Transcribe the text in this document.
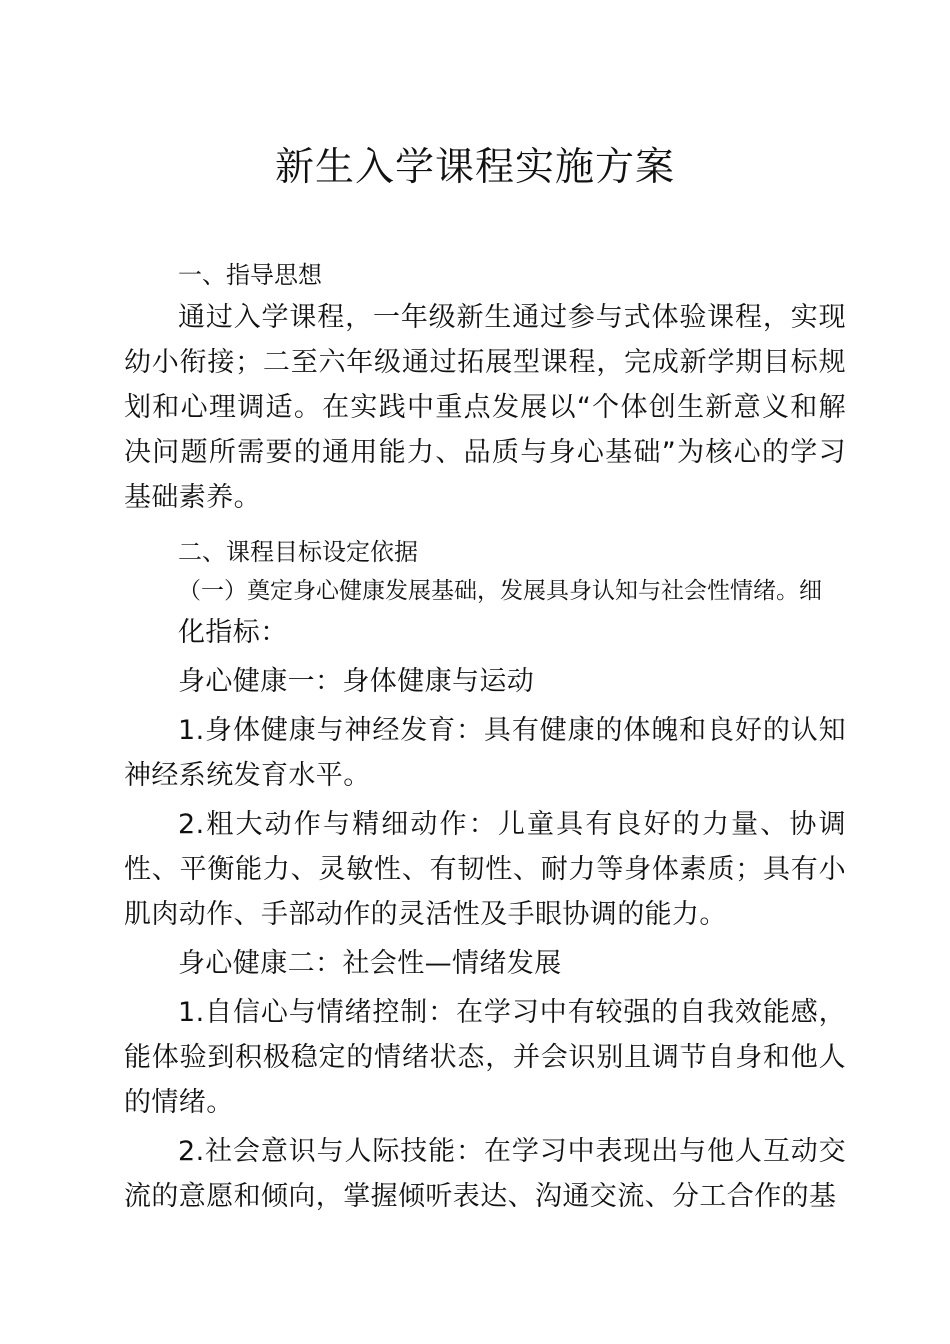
新生入学课程实施方案

一、指导思想

通过入学课程，一年级新生通过参与式体验课程，实现幼小衔接；二至六年级通过拓展型课程，完成新学期目标规划和心理调适。在实践中重点发展以“个体创生新意义和解决问题所需要的通用能力、品质与身心基础”为核心的学习基础素养。

二、课程目标设定依据

（一）奠定身心健康发展基础，发展具身认知与社会性情绪。细

化指标：

身心健康一：身体健康与运动

1.身体健康与神经发育：具有健康的体魄和良好的认知神经系统发育水平。

2.粗大动作与精细动作：儿童具有良好的力量、协调性、平衡能力、灵敏性、有韧性、耐力等身体素质；具有小肌肉动作、手部动作的灵活性及手眼协调的能力。

身心健康二：社会性—情绪发展

1.自信心与情绪控制：在学习中有较强的自我效能感，能体验到积极稳定的情绪状态，并会识别且调节自身和他人的情绪。

2.社会意识与人际技能：在学习中表现出与他人互动交流的意愿和倾向，掌握倾听表达、沟通交流、分工合作的基
